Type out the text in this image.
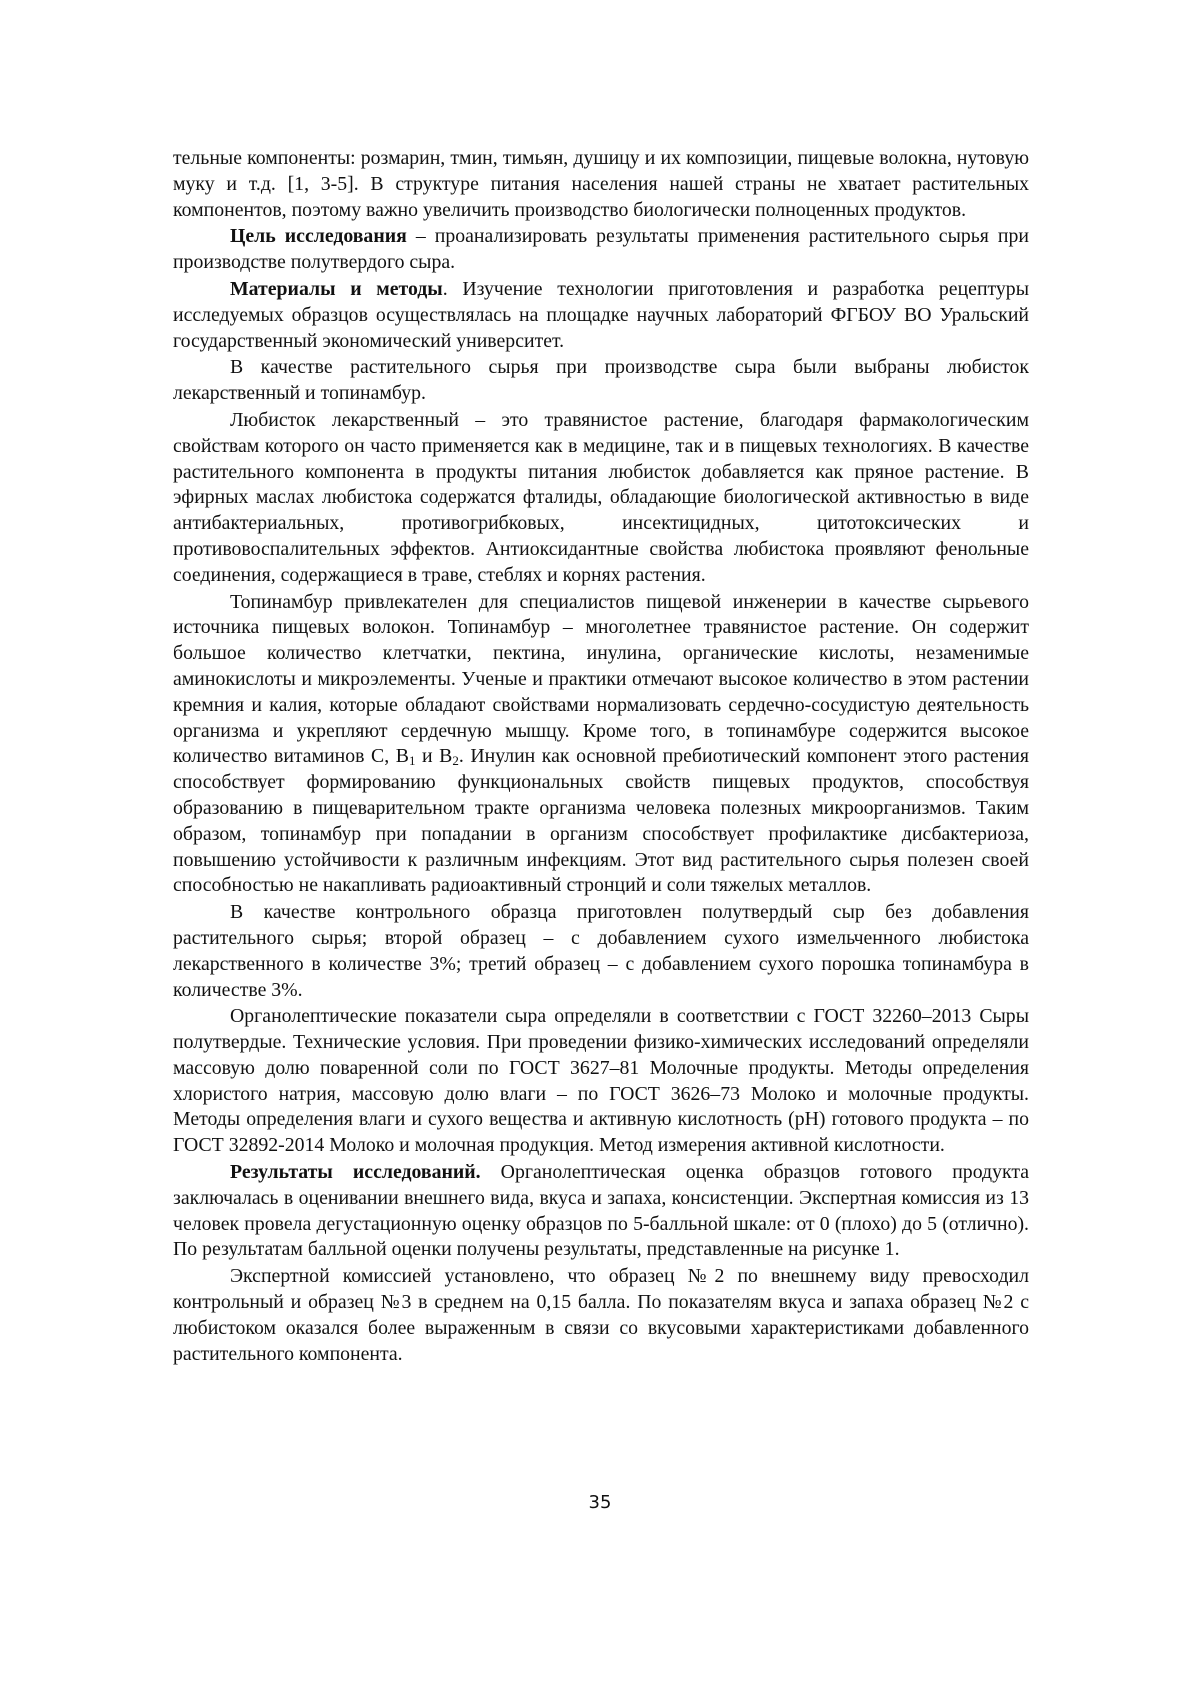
тельные компоненты: розмарин, тмин, тимьян, душицу и их композиции, пищевые волокна, нутовую муку и т.д. [1, 3-5]. В структуре питания населения нашей страны не хватает растительных компонентов, поэтому важно увеличить производство биологически полноценных продуктов.

Цель исследования – проанализировать результаты применения растительного сырья при производстве полутвердого сыра.

Материалы и методы. Изучение технологии приготовления и разработка рецептуры исследуемых образцов осуществлялась на площадке научных лабораторий ФГБОУ ВО Уральский государственный экономический университет.

В качестве растительного сырья при производстве сыра были выбраны любисток лекарственный и топинамбур.

Любисток лекарственный – это травянистое растение, благодаря фармакологическим свойствам которого он часто применяется как в медицине, так и в пищевых технологиях. В качестве растительного компонента в продукты питания любисток добавляется как пряное растение. В эфирных маслах любистока содержатся фталиды, обладающие биологической активностью в виде антибактериальных, противогрибковых, инсектицидных, цитотоксических и противовоспалительных эффектов. Антиоксидантные свойства любистока проявляют фенольные соединения, содержащиеся в траве, стеблях и корнях растения.

Топинамбур привлекателен для специалистов пищевой инженерии в качестве сырьевого источника пищевых волокон. Топинамбур – многолетнее травянистое растение. Он содержит большое количество клетчатки, пектина, инулина, органические кислоты, незаменимые аминокислоты и микроэлементы. Ученые и практики отмечают высокое количество в этом растении кремния и калия, которые обладают свойствами нормализовать сердечно-сосудистую деятельность организма и укрепляют сердечную мышцу. Кроме того, в топинамбуре содержится высокое количество витаминов С, $В_1$ и $В_2$. Инулин как основной пребиотический компонент этого растения способствует формированию функциональных свойств пищевых продуктов, способствуя образованию в пищеварительном тракте организма человека полезных микроорганизмов. Таким образом, топинамбур при попадании в организм способствует профилактике дисбактериоза, повышению устойчивости к различным инфекциям. Этот вид растительного сырья полезен своей способностью не накапливать радиоактивный стронций и соли тяжелых металлов.

В качестве контрольного образца приготовлен полутвердый сыр без добавления растительного сырья; второй образец – с добавлением сухого измельченного любистока лекарственного в количестве 3%; третий образец – с добавлением сухого порошка топинамбура в количестве 3%.

Органолептические показатели сыра определяли в соответствии с ГОСТ 32260–2013 Сыры полутвердые. Технические условия. При проведении физико-химических исследований определяли массовую долю поваренной соли по ГОСТ 3627–81 Молочные продукты. Методы определения хлористого натрия, массовую долю влаги – по ГОСТ 3626–73 Молоко и молочные продукты. Методы определения влаги и сухого вещества и активную кислотность (рН) готового продукта – по ГОСТ 32892-2014 Молоко и молочная продукция. Метод измерения активной кислотности.

Результаты исследований. Органолептическая оценка образцов готового продукта заключалась в оценивании внешнего вида, вкуса и запаха, консистенции. Экспертная комиссия из 13 человек провела дегустационную оценку образцов по 5-балльной шкале: от 0 (плохо) до 5 (отлично). По результатам балльной оценки получены результаты, представленные на рисунке 1.

Экспертной комиссией установлено, что образец №2 по внешнему виду превосходил контрольный и образец №3 в среднем на 0,15 балла. По показателям вкуса и запаха образец №2 с любистоком оказался более выраженным в связи со вкусовыми характеристиками добавленного растительного компонента.

35
